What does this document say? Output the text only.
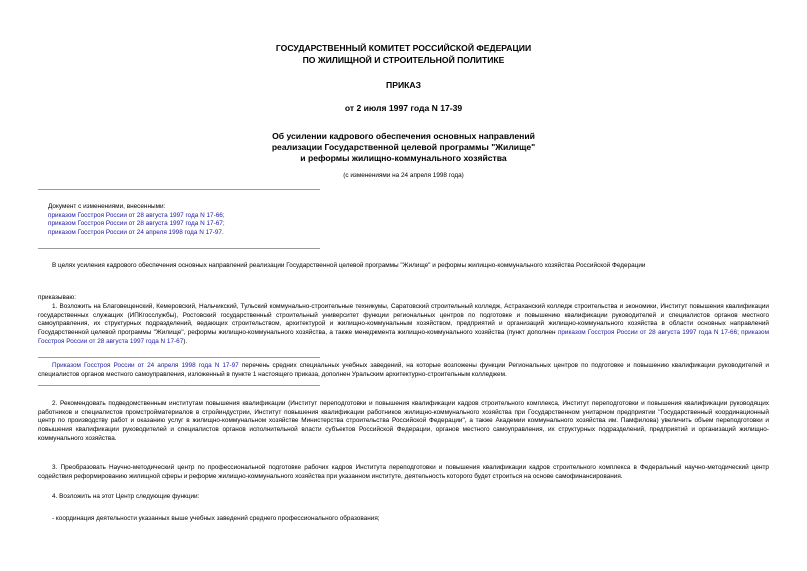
ГОСУДАРСТВЕННЫЙ КОМИТЕТ РОССИЙСКОЙ ФЕДЕРАЦИИ
ПО ЖИЛИЩНОЙ И СТРОИТЕЛЬНОЙ ПОЛИТИКЕ
ПРИКАЗ
от 2 июля 1997 года N 17-39
Об усилении кадрового обеспечения основных направлений
реализации Государственной целевой программы "Жилище"
и реформы жилищно-коммунального хозяйства
(с изменениями на 24 апреля 1998 года)
Документ с изменениями, внесенными:
приказом Госстроя России от 28 августа 1997 года N 17-66;
приказом Госстроя России от 28 августа 1997 года N 17-67;
приказом Госстроя России от 24 апреля 1998 года N 17-97.
В целях усиления кадрового обеспечения основных направлений реализации Государственной целевой программы "Жилище" и реформы жилищно-коммунального хозяйства Российской Федерации
приказываю:
1. Возложить на Благовещенский, Кемеровский, Нальчикский, Тульский коммунально-строительные техникумы, Саратовский строительный колледж, Астраханский колледж строительства и экономики, Институт повышения квалификации государственных служащих (ИПКгосслужбы), Ростовский государственный строительный университет функции региональных центров по подготовке и повышению квалификации руководителей и специалистов органов местного самоуправления, их структурных подразделений, ведающих строительством, архитектурой и жилищно-коммунальным хозяйством, предприятий и организаций жилищно-коммунального хозяйства в области основных направлений Государственной целевой программы "Жилище", реформы жилищно-коммунального хозяйства, а также менеджмента жилищно-коммунального хозяйства (пункт дополнен приказом Госстроя России от 28 августа 1997 года N 17-66; приказом Госстроя России от 28 августа 1997 года N 17-67).
Приказом Госстроя России от 24 апреля 1998 года N 17-97 перечень средних специальных учебных заведений, на которые возложены функции Региональных центров по подготовке и повышению квалификации руководителей и специалистов органов местного самоуправления, изложенный в пункте 1 настоящего приказа, дополнен Уральским архитектурно-строительным колледжем.
2. Рекомендовать подведомственным институтам повышения квалификации (Институт переподготовки и повышения квалификации кадров строительного комплекса, Институт переподготовки и повышения квалификации руководящих работников и специалистов промстройматериалов в стройиндустрии, Институт повышения квалификации работников жилищно-коммунального хозяйства при Государственном унитарном предприятии "Государственный координационный центр по производству работ и оказанию услуг в жилищно-коммунальном хозяйстве Министерства строительства Российской Федерации", а также Академии коммунального хозяйства им. Памфилова) увеличить объем переподготовки и повышения квалификации руководителей и специалистов органов исполнительной власти субъектов Российской Федерации, органов местного самоуправления, их структурных подразделений, предприятий и организаций жилищно-коммунального хозяйства.
3. Преобразовать Научно-методический центр по профессиональной подготовке рабочих кадров Института переподготовки и повышения квалификации кадров строительного комплекса в Федеральный научно-методический центр содействия реформированию жилищной сферы и реформе жилищно-коммунального хозяйства при указанном институте, деятельность которого будет строиться на основе самофинансирования.
4. Возложить на этот Центр следующие функции:
- координация деятельности указанных выше учебных заведений среднего профессионального образования;
